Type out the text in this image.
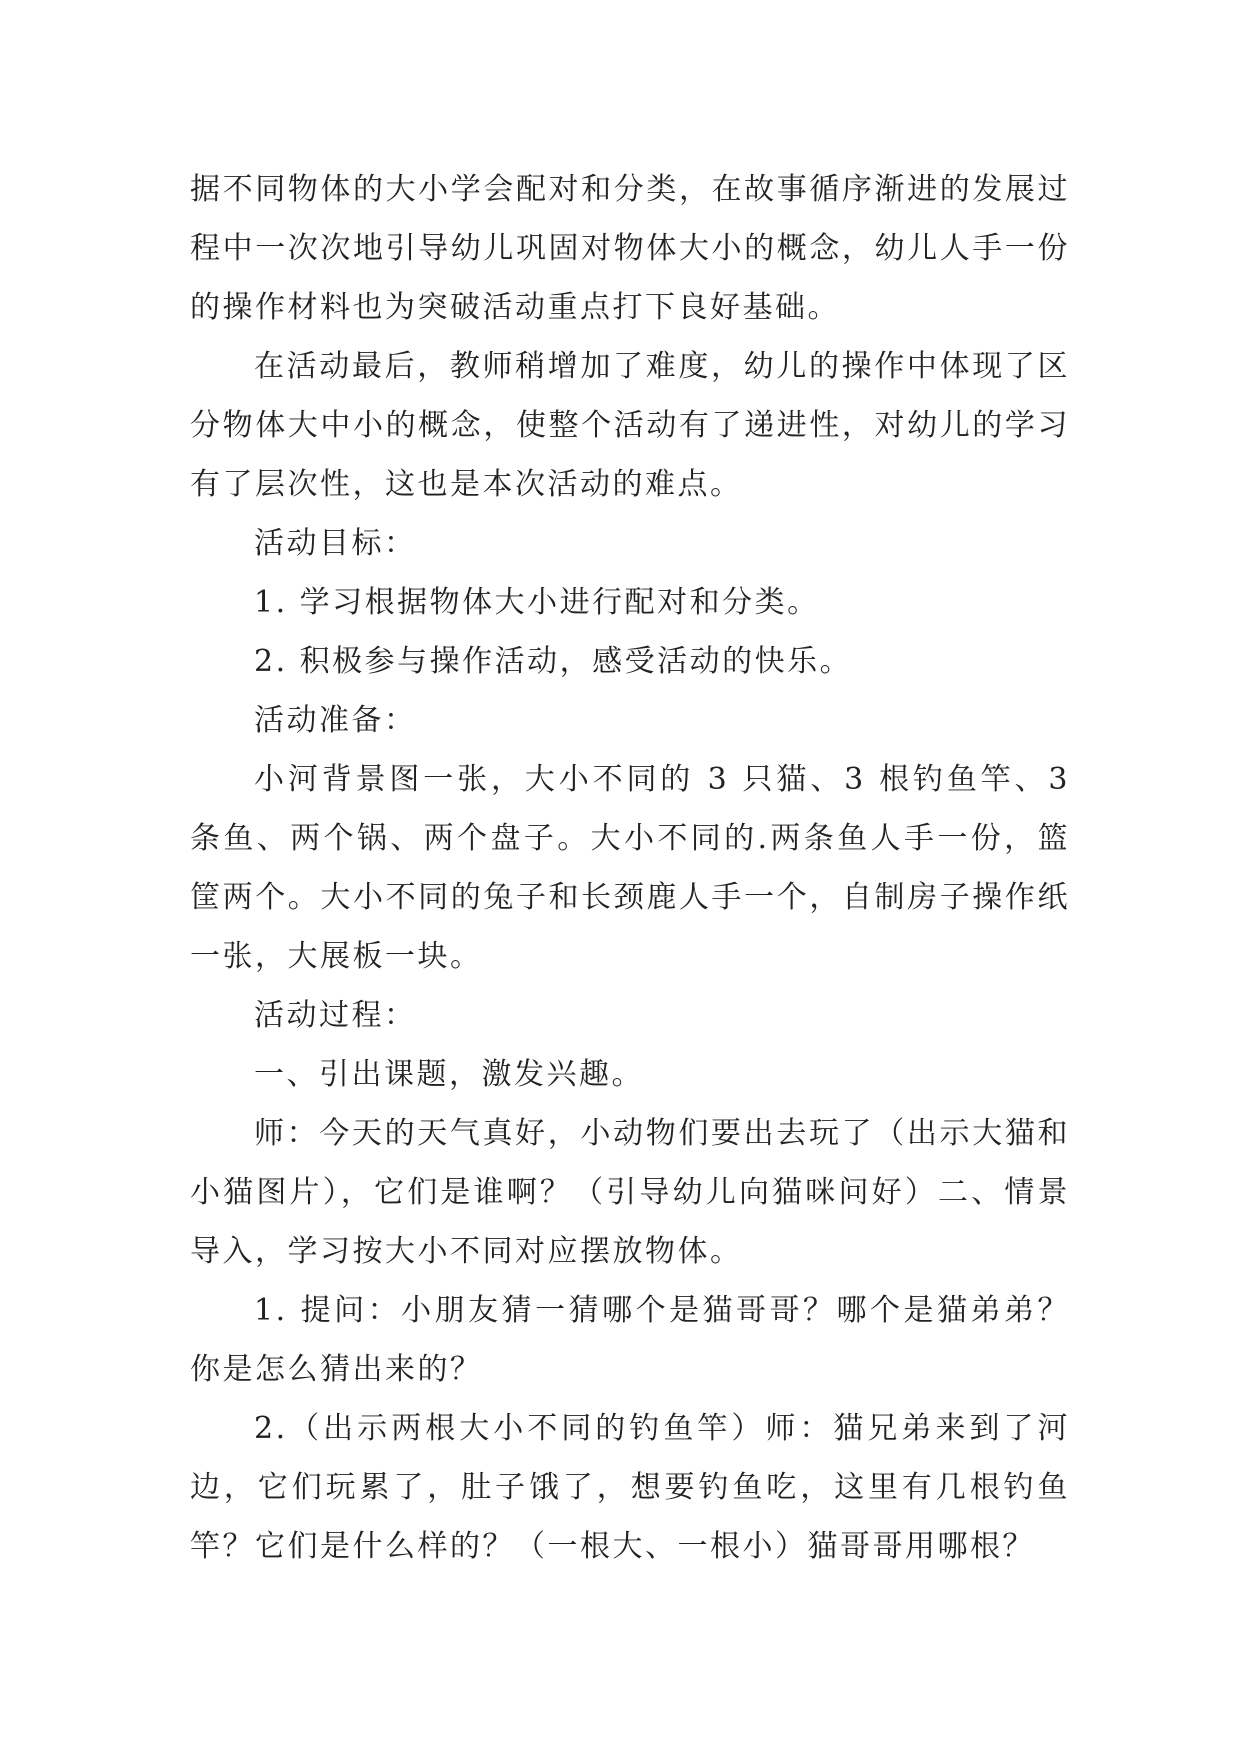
据不同物体的大小学会配对和分类，在故事循序渐进的发展过程中一次次地引导幼儿巩固对物体大小的概念，幼儿人手一份的操作材料也为突破活动重点打下良好基础。

在活动最后，教师稍增加了难度，幼儿的操作中体现了区分物体大中小的概念，使整个活动有了递进性，对幼儿的学习有了层次性，这也是本次活动的难点。

活动目标：

1. 学习根据物体大小进行配对和分类。

2. 积极参与操作活动，感受活动的快乐。

活动准备：

小河背景图一张，大小不同的 3 只猫、3 根钓鱼竿、3 条鱼、两个锅、两个盘子。大小不同的.两条鱼人手一份，篮筐两个。大小不同的兔子和长颈鹿人手一个，自制房子操作纸一张，大展板一块。

活动过程：

一、引出课题，激发兴趣。

师：今天的天气真好，小动物们要出去玩了（出示大猫和小猫图片），它们是谁啊？（引导幼儿向猫咪问好）二、情景导入，学习按大小不同对应摆放物体。

1. 提问：小朋友猜一猜哪个是猫哥哥？哪个是猫弟弟？你是怎么猜出来的？

2.（出示两根大小不同的钓鱼竿）师：猫兄弟来到了河边，它们玩累了，肚子饿了，想要钓鱼吃，这里有几根钓鱼竿？它们是什么样的？（一根大、一根小）猫哥哥用哪根？
